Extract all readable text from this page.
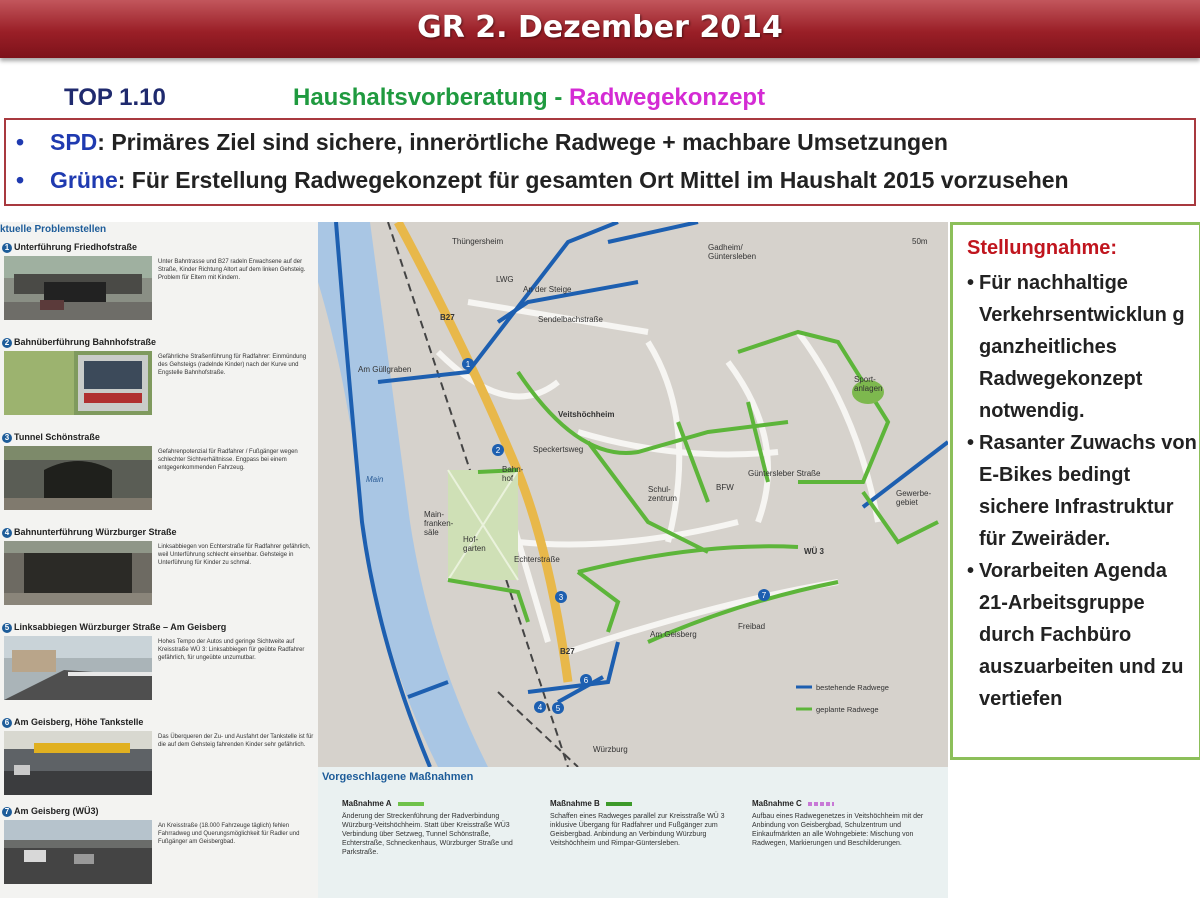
GR 2. Dezember 2014
TOP 1.10	Haushaltsvorberatung - Radwegekonzept
• SPD: Primäres Ziel sind sichere, innerörtliche Radwege + machbare Umsetzungen
• Grüne: Für Erstellung Radwegekonzept für gesamten Ort Mittel im Haushalt 2015 vorzusehen
ktuelle Problemstellen
1 Unterführung Friedhofstraße
Unter Bahntrasse und B27 radeln Erwachsene auf der Straße, Kinder Richtung Altort auf dem linken Gehsteig. Problem für Eltern mit Kindern.
2 Bahnüberführung Bahnhofstraße
Gefährliche Straßenführung für Radfahrer: Einmündung des Gehsteigs (radelnde Kinder) nach der Kurve und Engstelle Bahnhofstraße.
3 Tunnel Schönstraße
Gefahrenpotenzial für Radfahrer / Fußgänger wegen schlechter Sichtverhältnisse. Engpass bei einem entgegenkommenden Fahrzeug.
4 Bahnunterführung Würzburger Straße
Linksabbiegen von Echterstraße für Radfahrer gefährlich, weil Unterführung schlecht einsehbar. Gehsteige in Unterführung für Kinder zu schmal.
5 Linksabbiegen Würzburger Straße – Am Geisberg
Hohes Tempo der Autos und geringe Sichtweite auf Kreisstraße WÜ 3: Linksabbiegen für geübte Radfahrer gefährlich, für ungeübte unzumutbar.
6 Am Geisberg, Höhe Tankstelle
Das Überqueren der Zu- und Ausfahrt der Tankstelle ist für die auf dem Gehsteig fahrenden Kinder sehr gefährlich.
7 Am Geisberg (WÜ3)
An Kreisstraße (18.000 Fahrzeuge täglich) fehlen Fahrradweg und Querungsmöglichkeit für Radler und Fußgänger am Geisbergbad.
Thüngersheim
Gadheim/
Güntersleben
LWG
An der Steige
Sendelbachstraße
Am Güllgraben
Veitshöchheim
Speckertsweg
Schul-zentrum
BFW
Main
Main-franken-säle
Hof-garten
Bahn-hof
Echterstraße
Güntersleber Straße
Gewerbe-gebiet
Sport-anlagen
WÜ 3
Am Geisberg
Freibad
Würzburg
B27
B27
50m
1
2
3
4 5
6
7
bestehende Radwege
geplante Radwege
Vorgeschlagene Maßnahmen
Maßnahme A
Änderung der Streckenführung der Radverbindung Würzburg-Veitshöchheim. Statt über Kreisstraße WÜ3 Verbindung über Setzweg, Tunnel Schönstraße, Echterstraße, Schneckenhaus, Würzburger Straße und Parkstraße.
Maßnahme B
Schaffen eines Radweges parallel zur Kreisstraße WÜ 3 inklusive Übergang für Radfahrer und Fußgänger zum Geisbergbad. Anbindung an Verbindung Würzburg Veitshöchheim und Rimpar-Güntersleben.
Maßnahme C
Aufbau eines Radwegenetzes in Veitshöchheim mit der Anbindung von Geisbergbad, Schulzentrum und Einkaufmärkten an alle Wohngebiete: Mischung von Radwegen, Markierungen und Beschilderungen.
Stellungnahme:
• Für nachhaltige Verkehrsentwicklun g ganzheitliches Radwegekonzept notwendig.
• Rasanter Zuwachs von E-Bikes bedingt sichere Infrastruktur für Zweiräder.
• Vorarbeiten Agenda 21-Arbeitsgruppe durch Fachbüro auszuarbeiten und zu vertiefen
